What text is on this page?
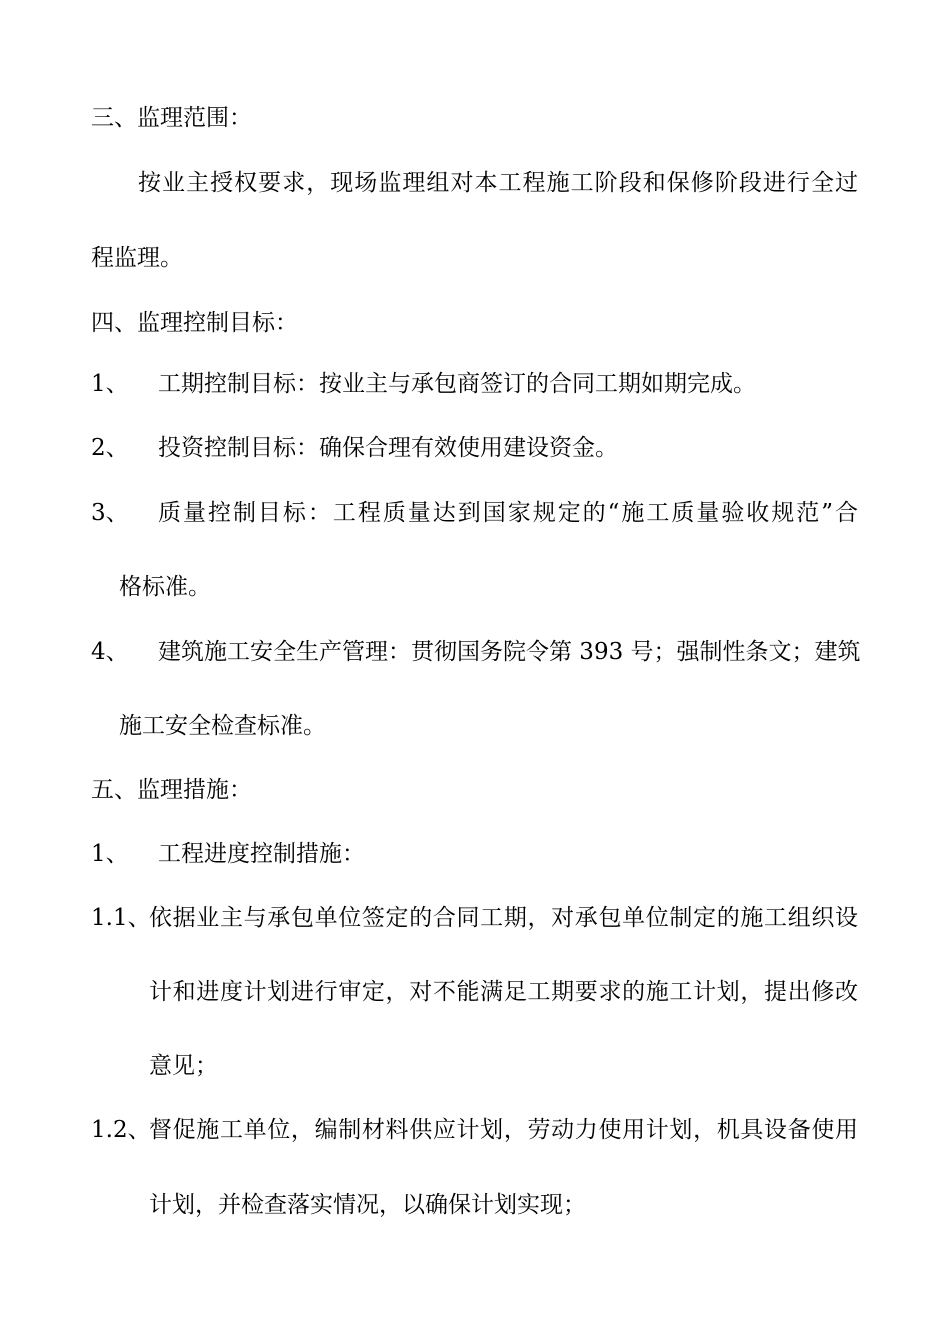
三、监理范围：
按业主授权要求，现场监理组对本工程施工阶段和保修阶段进行全过
程监理。
四、监理控制目标：
1、 工期控制目标：按业主与承包商签订的合同工期如期完成。
2、 投资控制目标：确保合理有效使用建设资金。
3、 质量控制目标：工程质量达到国家规定的“施工质量验收规范”合
格标准。
4、 建筑施工安全生产管理：贯彻国务院令第 393 号；强制性条文；建筑
施工安全检查标准。
五、监理措施：
1、 工程进度控制措施：
1.1、
依据业主与承包单位签定的合同工期，对承包单位制定的施工组织设
计和进度计划进行审定，对不能满足工期要求的施工计划，提出修改
意见；
1.2、
督促施工单位，编制材料供应计划，劳动力使用计划，机具设备使用
计划，并检查落实情况，以确保计划实现；
